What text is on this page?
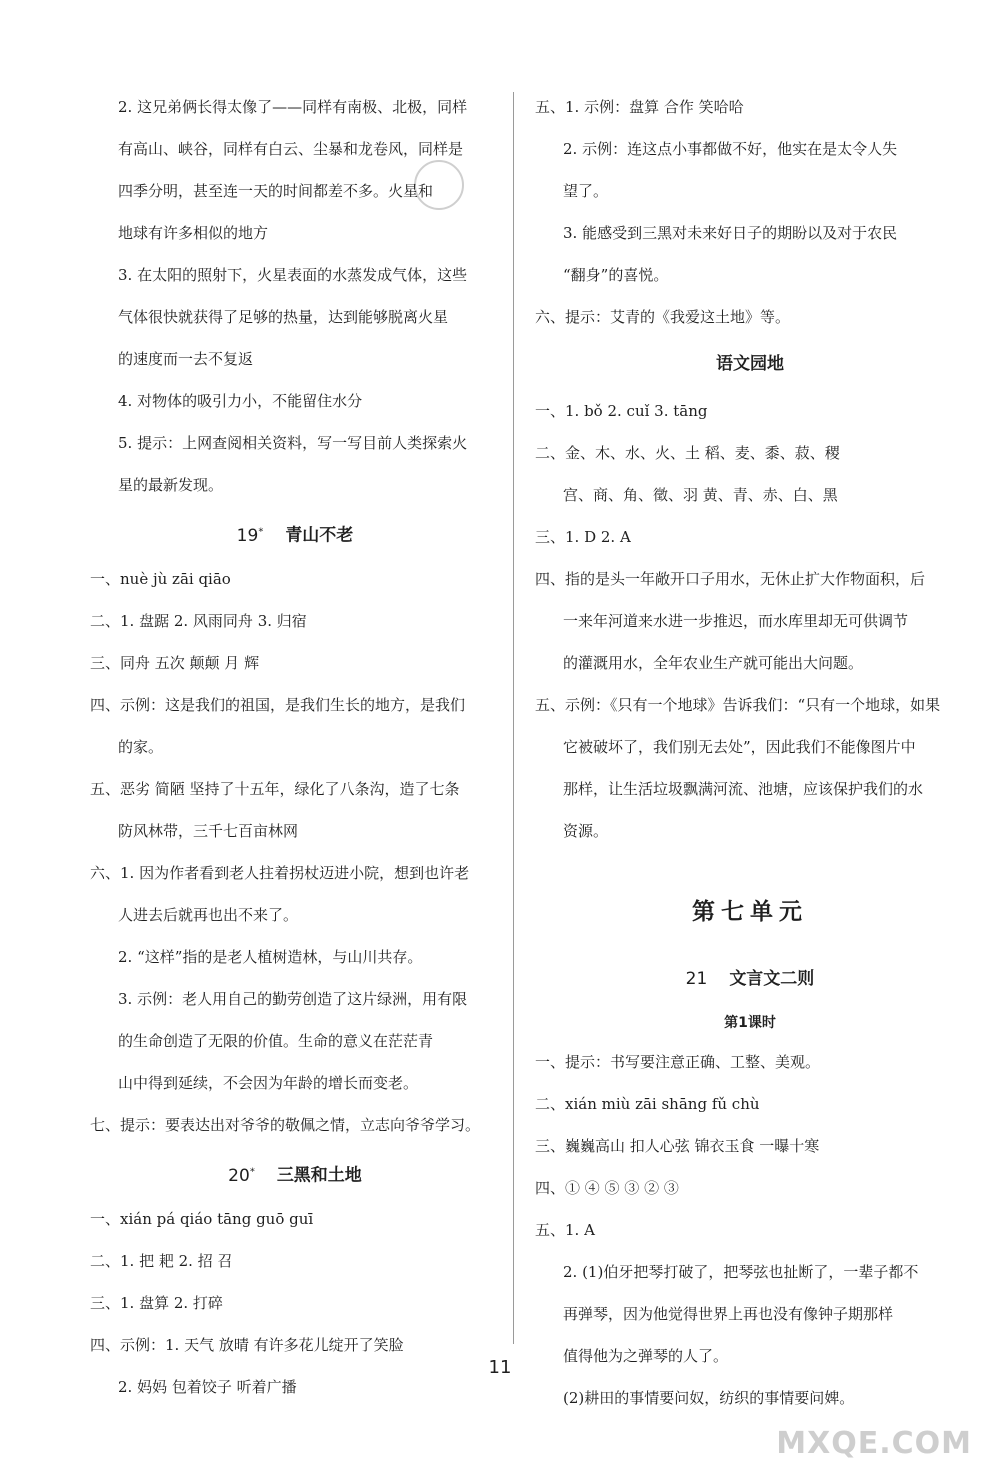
2. 这兄弟俩长得太像了——同样有南极、北极，同样
有高山、峡谷，同样有白云、尘暴和龙卷风，同样是
四季分明，甚至连一天的时间都差不多。火星和
地球有许多相似的地方
3. 在太阳的照射下，火星表面的水蒸发成气体，这些
气体很快就获得了足够的热量，达到能够脱离火星
的速度而一去不复返
4. 对物体的吸引力小，不能留住水分
5. 提示：上网查阅相关资料，写一写目前人类探索火
星的最新发现。
19* 青山不老
一、nuè jù zāi qiāo
二、1. 盘踞 2. 风雨同舟 3. 归宿
三、同舟 五次 颠颠 月 辉
四、示例：这是我们的祖国，是我们生长的地方，是我们
的家。
五、恶劣 简陋 坚持了十五年，绿化了八条沟，造了七条
防风林带，三千七百亩林网
六、1. 因为作者看到老人拄着拐杖迈进小院，想到也许老
人进去后就再也出不来了。
2. “这样”指的是老人植树造林，与山川共存。
3. 示例：老人用自己的勤劳创造了这片绿洲，用有限
的生命创造了无限的价值。生命的意义在茫茫青
山中得到延续，不会因为年龄的增长而变老。
七、提示：要表达出对爷爷的敬佩之情，立志向爷爷学习。
20* 三黑和土地
一、xián pá qiáo tāng guō guī
二、1. 把 耙 2. 招 召
三、1. 盘算 2. 打碎
四、示例：1. 天气 放晴 有许多花儿绽开了笑脸
2. 妈妈 包着饺子 听着广播
五、1. 示例：盘算 合作 笑哈哈
2. 示例：连这点小事都做不好，他实在是太令人失
望了。
3. 能感受到三黑对未来好日子的期盼以及对于农民
“翻身”的喜悦。
六、提示：艾青的《我爱这土地》等。
语文园地
一、1. bǒ 2. cuǐ 3. tāng
二、金、木、水、火、土 稻、麦、黍、菽、稷
宫、商、角、徵、羽 黄、青、赤、白、黑
三、1. D 2. A
四、指的是头一年敞开口子用水，无休止扩大作物面积，后
一来年河道来水进一步推迟，而水库里却无可供调节
的灌溉用水，全年农业生产就可能出大问题。
五、示例：《只有一个地球》告诉我们：“只有一个地球，如果
它被破坏了，我们别无去处”，因此我们不能像图片中
那样，让生活垃圾飘满河流、池塘，应该保护我们的水
资源。
第七单元
21 文言文二则
第1课时
一、提示：书写要注意正确、工整、美观。
二、xián miù zāi shāng fǔ chù
三、巍巍高山 扣人心弦 锦衣玉食 一曝十寒
四、① ④ ⑤ ③ ② ③
五、1. A
2. (1)伯牙把琴打破了，把琴弦也扯断了，一辈子都不
再弹琴，因为他觉得世界上再也没有像钟子期那样
值得他为之弹琴的人了。
(2)耕田的事情要问奴，纺织的事情要问婢。
11
MXQE.COM
